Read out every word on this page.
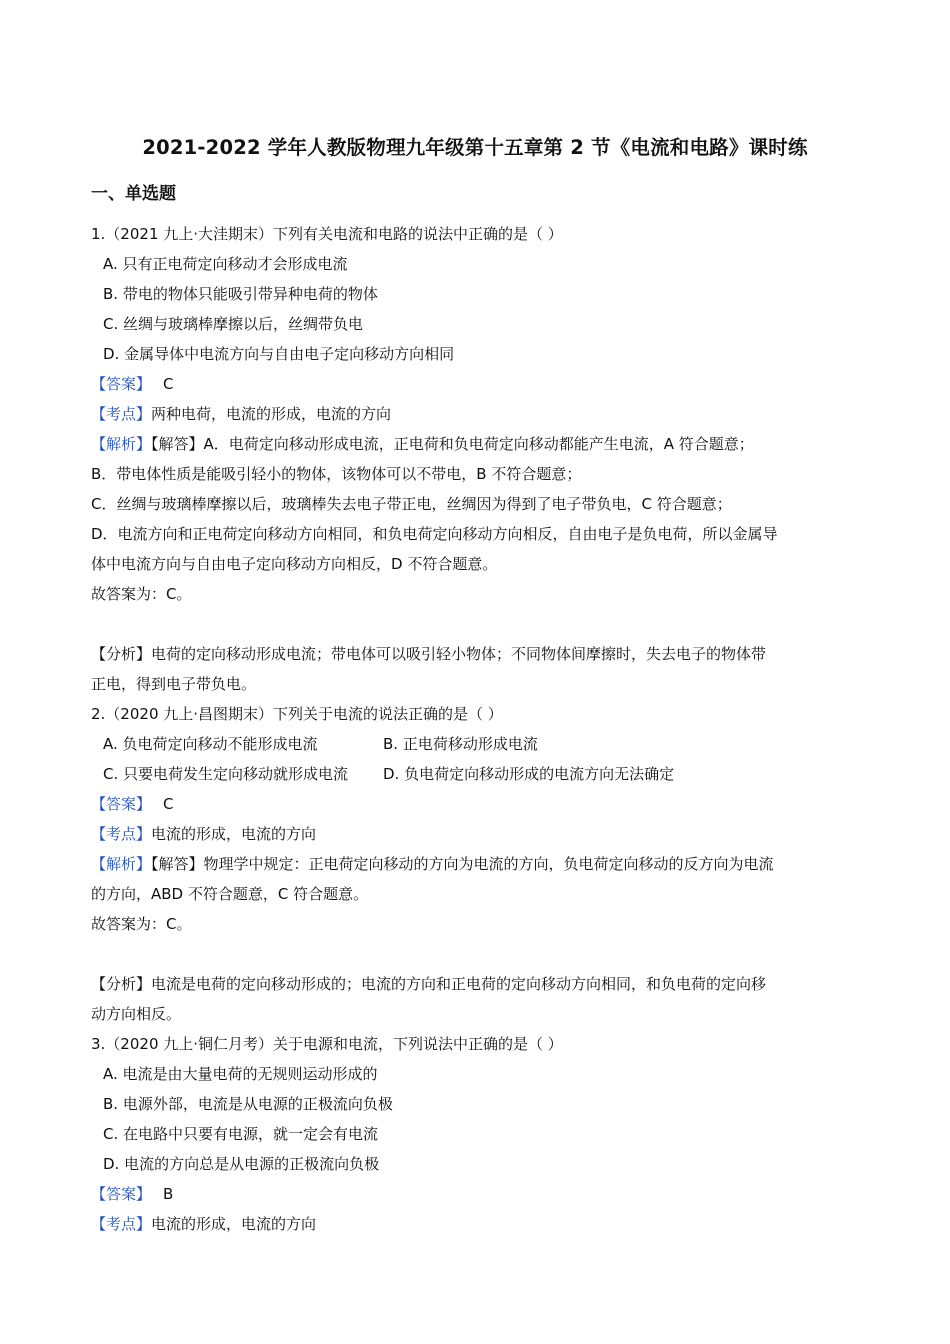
2021-2022 学年人教版物理九年级第十五章第 2 节《电流和电路》课时练
一、单选题
1.（2021 九上·大洼期末）下列有关电流和电路的说法中正确的是（ ）
A. 只有正电荷定向移动才会形成电流
B. 带电的物体只能吸引带异种电荷的物体
C. 丝绸与玻璃棒摩擦以后，丝绸带负电
D. 金属导体中电流方向与自由电子定向移动方向相同
【答案】 C
【考点】两种电荷，电流的形成，电流的方向
【解析】【解答】A．电荷定向移动形成电流，正电荷和负电荷定向移动都能产生电流，A 符合题意；
B．带电体性质是能吸引轻小的物体，该物体可以不带电，B 不符合题意；
C．丝绸与玻璃棒摩擦以后，玻璃棒失去电子带正电，丝绸因为得到了电子带负电，C 符合题意；
D．电流方向和正电荷定向移动方向相同，和负电荷定向移动方向相反，自由电子是负电荷，所以金属导
体中电流方向与自由电子定向移动方向相反，D 不符合题意。
故答案为：C。
【分析】电荷的定向移动形成电流；带电体可以吸引轻小物体；不同物体间摩擦时，失去电子的物体带
正电，得到电子带负电。
2.（2020 九上·昌图期末）下列关于电流的说法正确的是（ ）
A. 负电荷定向移动不能形成电流	B. 正电荷移动形成电流
C. 只要电荷发生定向移动就形成电流 D. 负电荷定向移动形成的电流方向无法确定
【答案】 C
【考点】电流的形成，电流的方向
【解析】【解答】物理学中规定：正电荷定向移动的方向为电流的方向，负电荷定向移动的反方向为电流
的方向，ABD 不符合题意，C 符合题意。
故答案为：C。
【分析】电流是电荷的定向移动形成的；电流的方向和正电荷的定向移动方向相同，和负电荷的定向移
动方向相反。
3.（2020 九上·铜仁月考）关于电源和电流，下列说法中正确的是（ ）
A. 电流是由大量电荷的无规则运动形成的
B. 电源外部，电流是从电源的正极流向负极
C. 在电路中只要有电源，就一定会有电流
D. 电流的方向总是从电源的正极流向负极
【答案】 B
【考点】电流的形成，电流的方向
